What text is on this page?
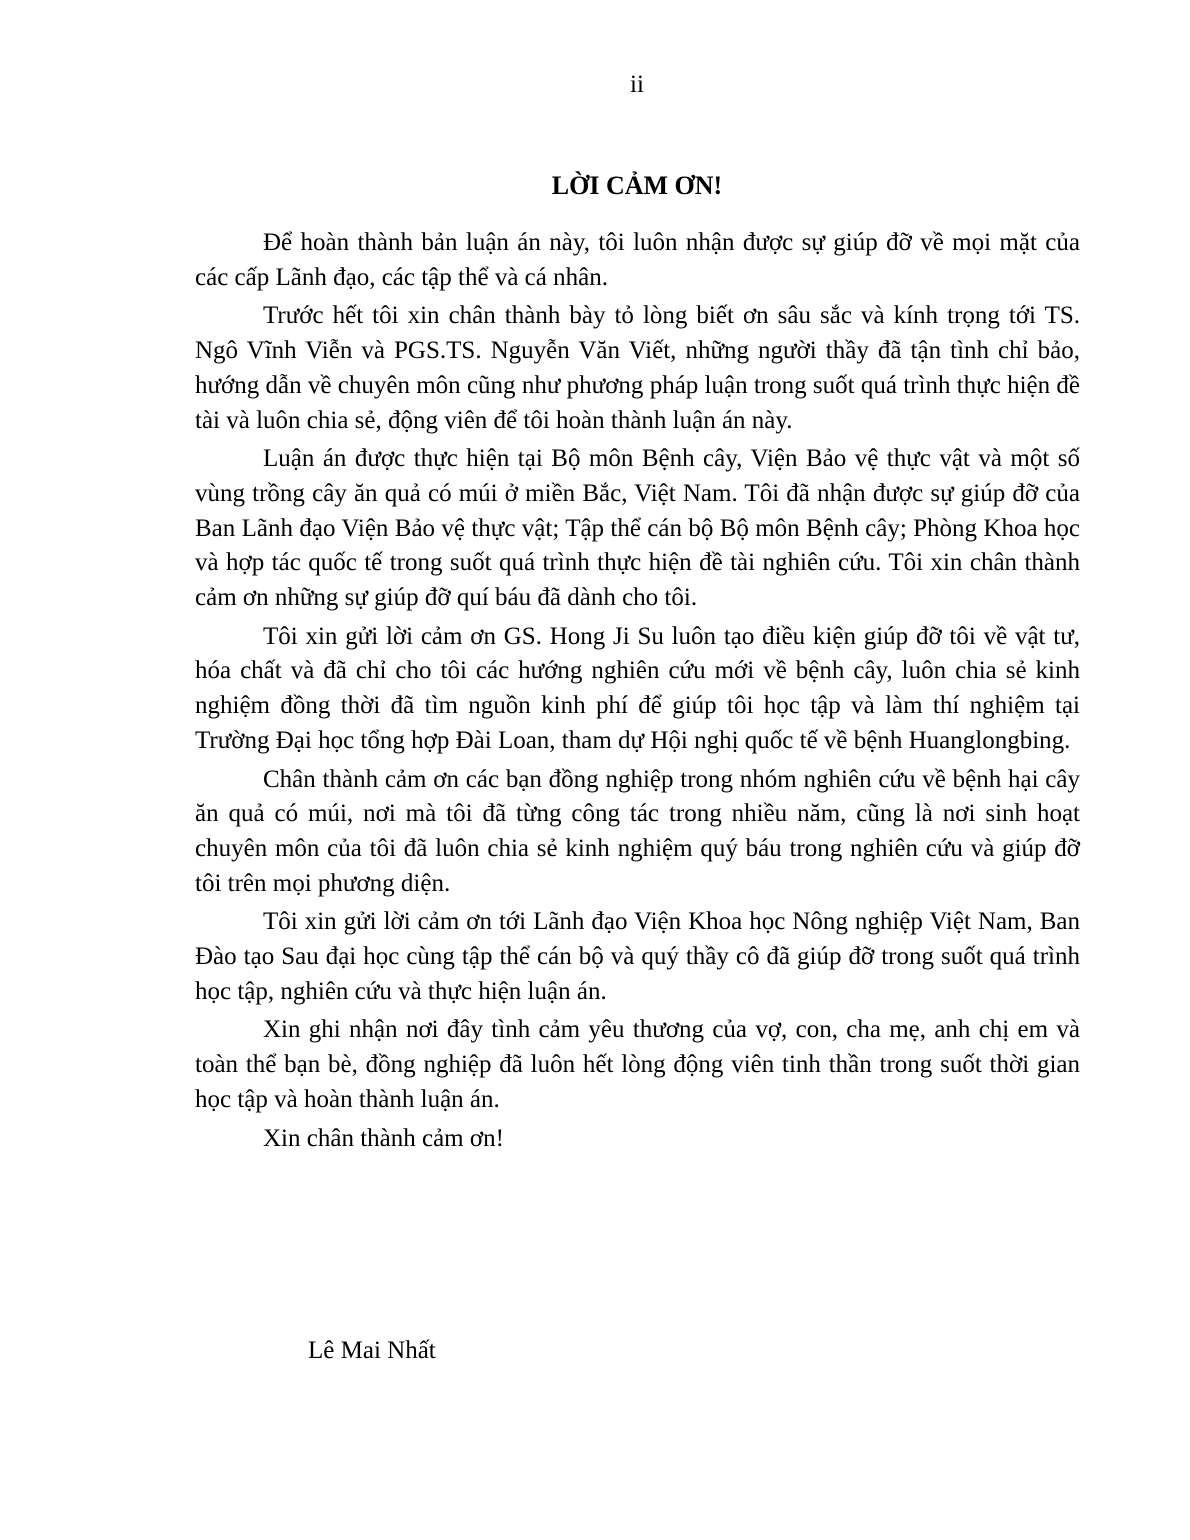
ii
LỜI CẢM ƠN!

Để hoàn thành bản luận án này, tôi luôn nhận được sự giúp đỡ về mọi mặt của các cấp Lãnh đạo, các tập thể và cá nhân.

Trước hết tôi xin chân thành bày tỏ lòng biết ơn sâu sắc và kính trọng tới TS. Ngô Vĩnh Viễn và PGS.TS. Nguyễn Văn Viết, những người thầy đã tận tình chỉ bảo, hướng dẫn về chuyên môn cũng như phương pháp luận trong suốt quá trình thực hiện đề tài và luôn chia sẻ, động viên để tôi hoàn thành luận án này.

Luận án được thực hiện tại Bộ môn Bệnh cây, Viện Bảo vệ thực vật và một số vùng trồng cây ăn quả có múi ở miền Bắc, Việt Nam. Tôi đã nhận được sự giúp đỡ của Ban Lãnh đạo Viện Bảo vệ thực vật; Tập thể cán bộ Bộ môn Bệnh cây; Phòng Khoa học và hợp tác quốc tế trong suốt quá trình thực hiện đề tài nghiên cứu. Tôi xin chân thành cảm ơn những sự giúp đỡ quí báu đã dành cho tôi.

Tôi xin gửi lời cảm ơn GS. Hong Ji Su luôn tạo điều kiện giúp đỡ tôi về vật tư, hóa chất và đã chỉ cho tôi các hướng nghiên cứu mới về bệnh cây, luôn chia sẻ kinh nghiệm đồng thời đã tìm nguồn kinh phí để giúp tôi học tập và làm thí nghiệm tại Trường Đại học tổng hợp Đài Loan, tham dự Hội nghị quốc tế về bệnh Huanglongbing.

Chân thành cảm ơn các bạn đồng nghiệp trong nhóm nghiên cứu về bệnh hại cây ăn quả có múi, nơi mà tôi đã từng công tác trong nhiều năm, cũng là nơi sinh hoạt chuyên môn của tôi đã luôn chia sẻ kinh nghiệm quý báu trong nghiên cứu và giúp đỡ tôi trên mọi phương diện.

Tôi xin gửi lời cảm ơn tới Lãnh đạo Viện Khoa học Nông nghiệp Việt Nam, Ban Đào tạo Sau đại học cùng tập thể cán bộ và quý thầy cô đã giúp đỡ trong suốt quá trình học tập, nghiên cứu và thực hiện luận án.

Xin ghi nhận nơi đây tình cảm yêu thương của vợ, con, cha mẹ, anh chị em và toàn thể bạn bè, đồng nghiệp đã luôn hết lòng động viên tinh thần trong suốt thời gian học tập và hoàn thành luận án.

Xin chân thành cảm ơn!

Lê Mai Nhất
